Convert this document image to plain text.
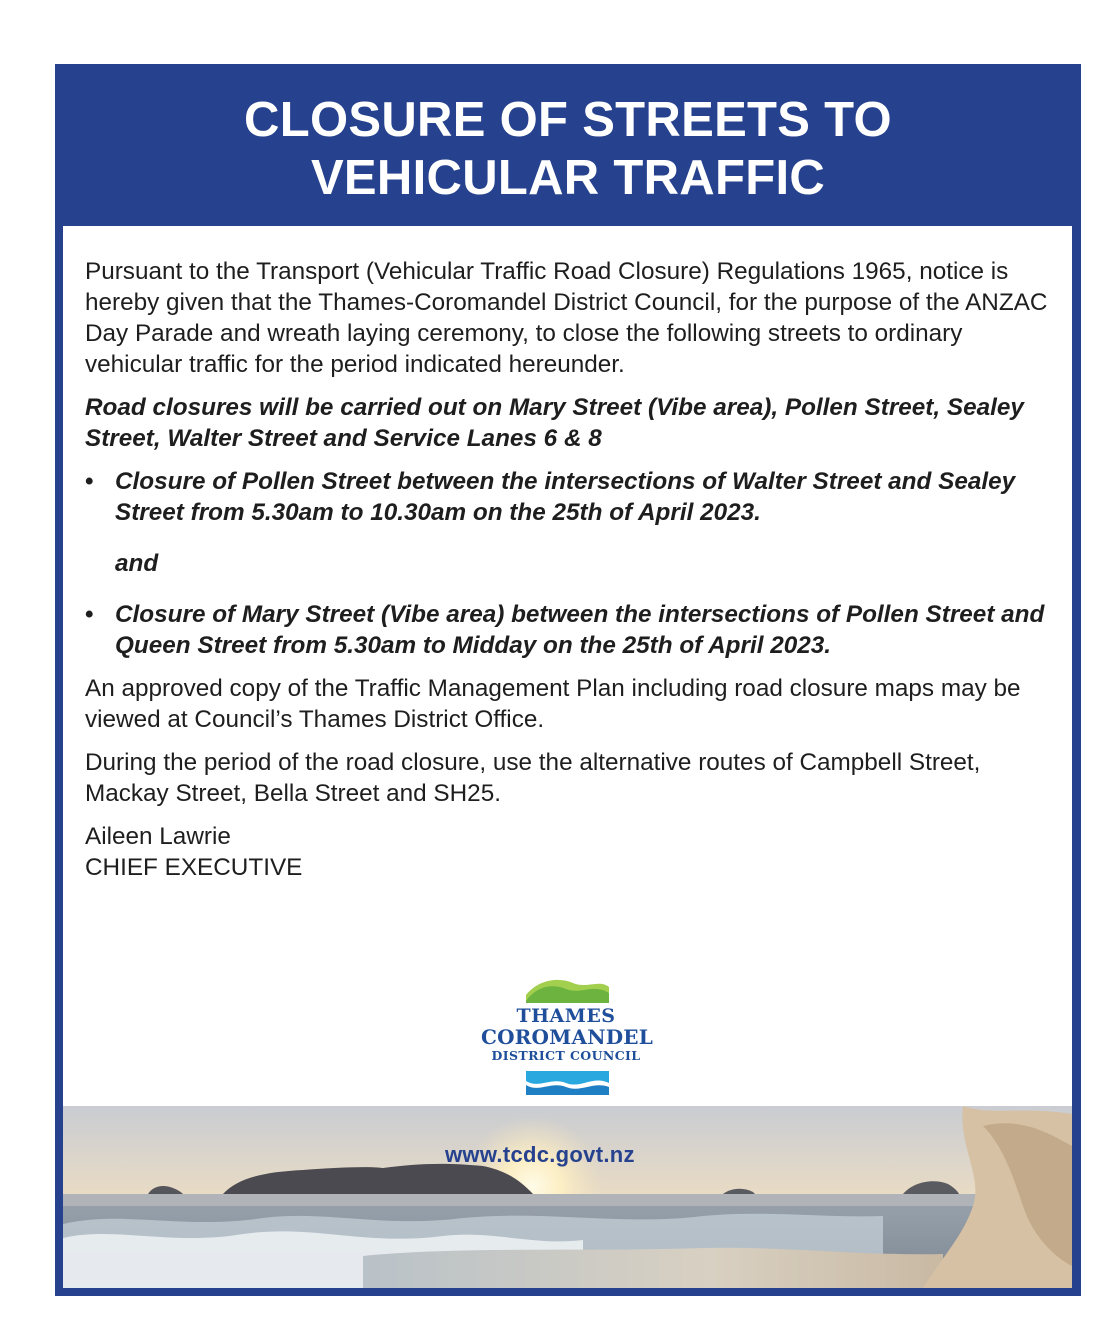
CLOSURE OF STREETS TO
VEHICULAR TRAFFIC

Pursuant to the Transport (Vehicular Traffic Road Closure) Regulations 1965, notice is hereby given that the Thames-Coromandel District Council, for the purpose of the ANZAC Day Parade and wreath laying ceremony, to close the following streets to ordinary vehicular traffic for the period indicated hereunder.

Road closures will be carried out on Mary Street (Vibe area), Pollen Street, Sealey Street, Walter Street and Service Lanes 6 & 8

• Closure of Pollen Street between the intersections of Walter Street and Sealey Street from 5.30am to 10.30am on the 25th of April 2023.

and

• Closure of Mary Street (Vibe area) between the intersections of Pollen Street and Queen Street from 5.30am to Midday on the 25th of April 2023.

An approved copy of the Traffic Management Plan including road closure maps may be viewed at Council’s Thames District Office.

During the period of the road closure, use the alternative routes of Campbell Street, Mackay Street, Bella Street and SH25.

Aileen Lawrie

CHIEF EXECUTIVE

THAMES
COROMANDEL
DISTRICT COUNCIL
www.tcdc.govt.nz
